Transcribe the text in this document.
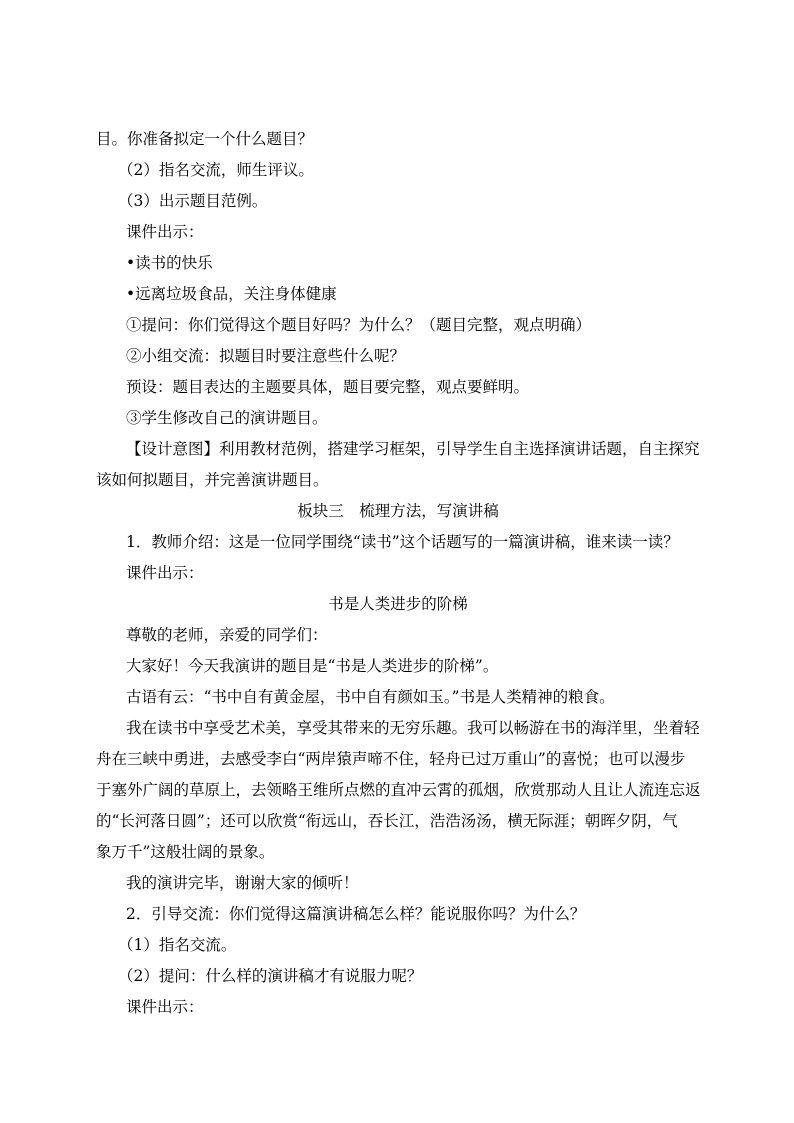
目。你准备拟定一个什么题目？

（2）指名交流，师生评议。

（3）出示题目范例。

课件出示：

•读书的快乐

•远离垃圾食品，关注身体健康

①提问：你们觉得这个题目好吗？为什么？（题目完整，观点明确）

②小组交流：拟题目时要注意些什么呢？

预设：题目表达的主题要具体，题目要完整，观点要鲜明。

③学生修改自己的演讲题目。

【设计意图】利用教材范例，搭建学习框架，引导学生自主选择演讲话题，自主探究

该如何拟题目，并完善演讲题目。

板块三　梳理方法，写演讲稿

1．教师介绍：这是一位同学围绕“读书”这个话题写的一篇演讲稿，谁来读一读？

课件出示：

书是人类进步的阶梯

尊敬的老师，亲爱的同学们：

大家好！今天我演讲的题目是“书是人类进步的阶梯”。

古语有云：“书中自有黄金屋，书中自有颜如玉。”书是人类精神的粮食。

我在读书中享受艺术美，享受其带来的无穷乐趣。我可以畅游在书的海洋里，坐着轻

舟在三峡中勇进，去感受李白“两岸猿声啼不住，轻舟已过万重山”的喜悦；也可以漫步

于塞外广阔的草原上，去领略王维所点燃的直冲云霄的孤烟，欣赏那动人且让人流连忘返

的“长河落日圆”；还可以欣赏“衔远山，吞长江，浩浩汤汤，横无际涯；朝晖夕阴，气

象万千”这般壮阔的景象。

我的演讲完毕，谢谢大家的倾听！

2．引导交流：你们觉得这篇演讲稿怎么样？能说服你吗？为什么？

（1）指名交流。

（2）提问：什么样的演讲稿才有说服力呢？

课件出示：
